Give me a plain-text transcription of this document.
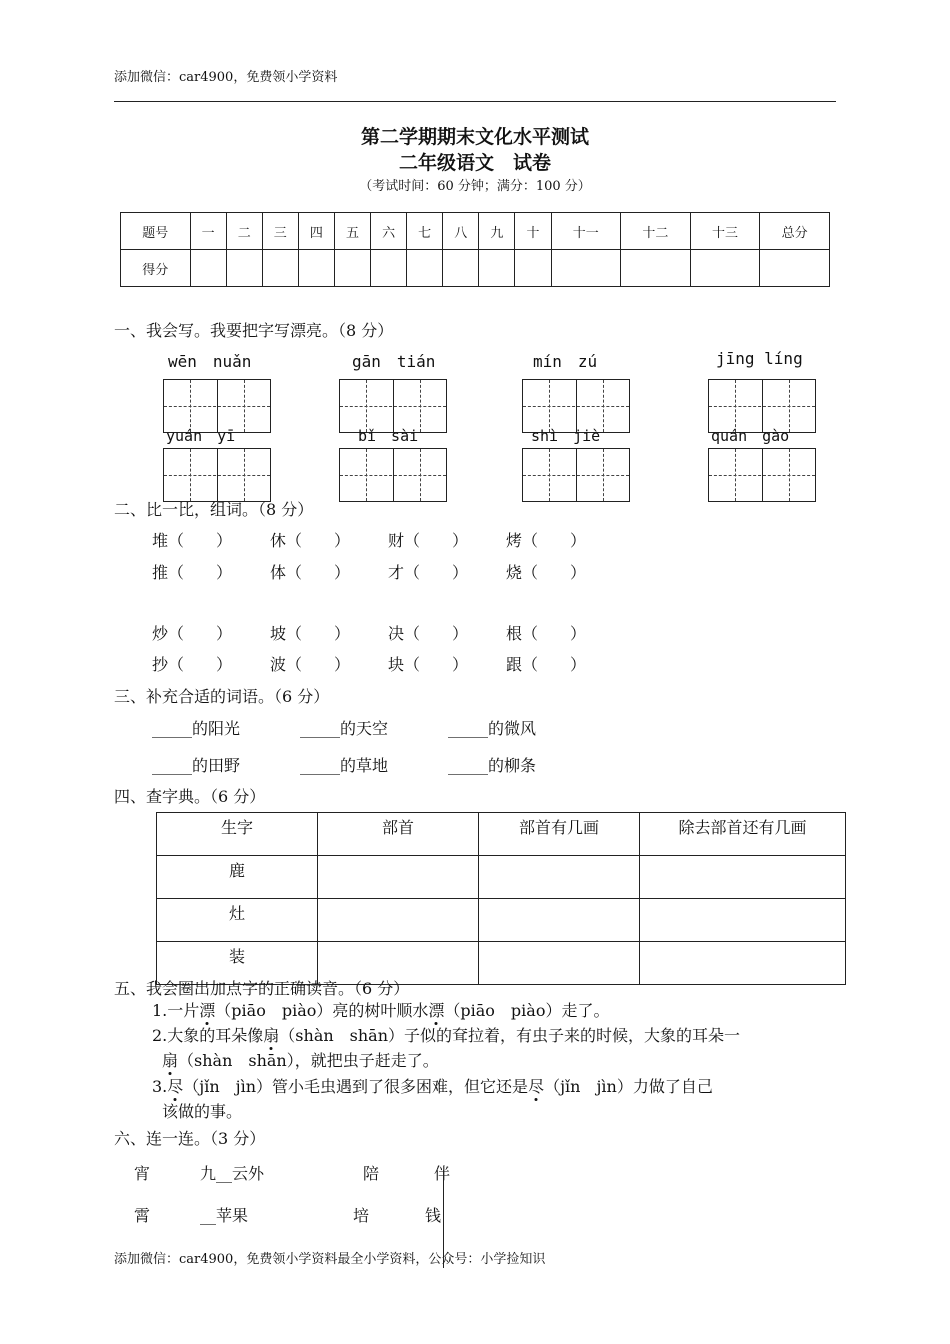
添加微信：car4900，免费领小学资料
第二学期期末文化水平测试
二年级语文　试卷
（考试时间：60 分钟；满分：100 分）
题号	一	二	三	四	五	六	七	八	九	十	十一	十二	十三	总分
得分														
一、我会写。我要把字写漂亮。（8 分）
wēn　nuǎn	gān　tián	mín　zú	jīng líng
yuán　yī	bǐ　sài	shì　jiè	quán　gào
二、比一比，组词。（8 分）
堆（　　） 休（　　） 财（　　） 烤（　　）
推（　　） 体（　　） 才（　　） 烧（　　）
炒（　　） 坡（　　） 决（　　） 根（　　）
抄（　　） 波（　　） 块（　　） 跟（　　）
三、补充合适的词语。（6 分）
_____的阳光	_____的天空	_____的微风
_____的田野	_____的草地	_____的柳条
四、查字典。（6 分）
生字	部首	部首有几画	除去部首还有几画
鹿			
灶			
装			
五、我会圈出加点字的正确读音。（6 分）
1.一片漂（piāo　piào）亮的树叶顺水漂（piāo　piào）走了。
2.大象的耳朵像扇（shàn　shān）子似的耷拉着，有虫子来的时候，大象的耳朵一
扇（shàn　shān），就把虫子赶走了。
3.尽（jǐn　jìn）管小毛虫遇到了很多困难，但它还是尽（jǐn　jìn）力做了自己
该做的事。
六、连一连。（3 分）
宵	九__云外	陪	伴
霄	__苹果	培	钱
添加微信：car4900，免费领小学资料最全小学资料，公众号：小学捡知识
